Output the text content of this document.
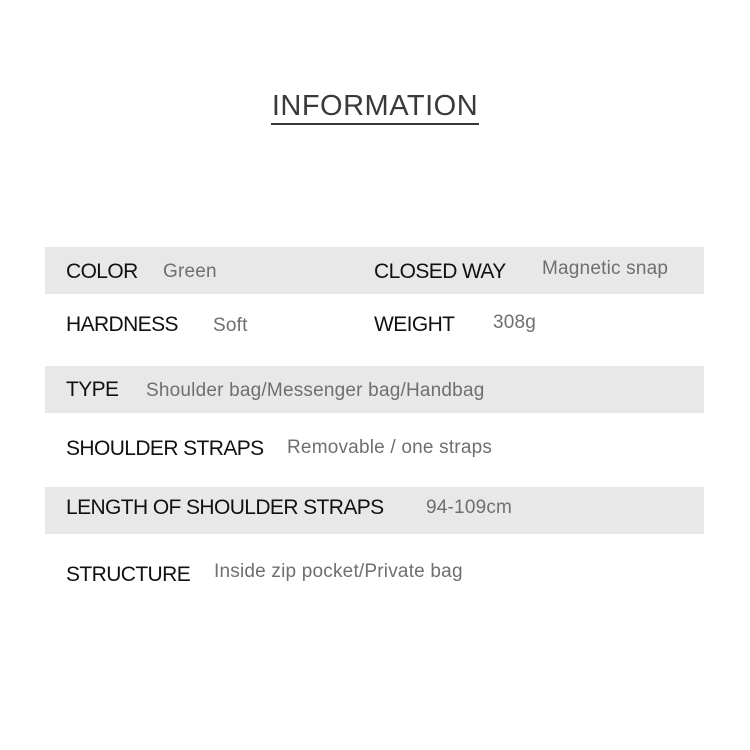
INFORMATION
COLOR Green	CLOSED WAY Magnetic snap
HARDNESS Soft	WEIGHT 308g
TYPE Shoulder bag/Messenger bag/Handbag
SHOULDER STRAPS Removable / one straps
LENGTH OF SHOULDER STRAPS 94-109cm
STRUCTURE Inside zip pocket/Private bag
